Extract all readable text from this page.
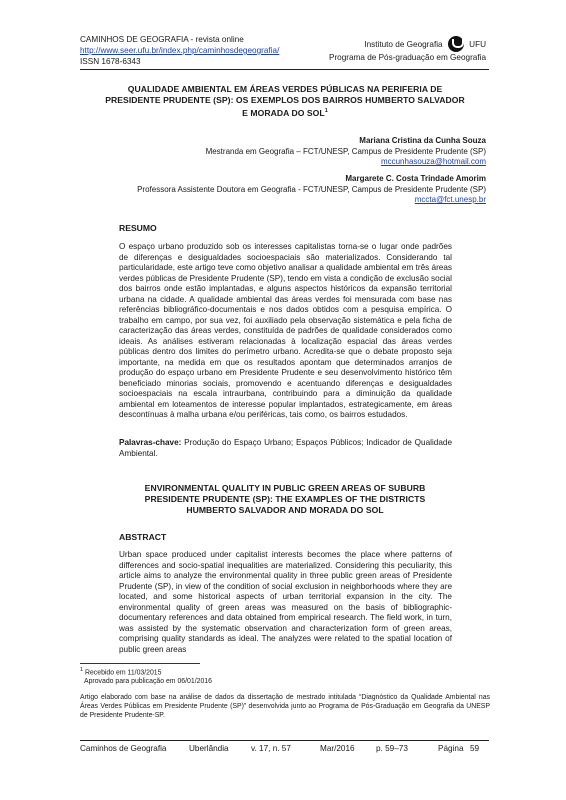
CAMINHOS DE GEOGRAFIA - revista online
http://www.seer.ufu.br/index.php/caminhosdegeografia/
ISSN 1678-6343
Instituto de Geografia	UFU
Programa de Pós-graduação em Geografia
QUALIDADE AMBIENTAL EM ÁREAS VERDES PÚBLICAS NA PERIFERIA DE
PRESIDENTE PRUDENTE (SP): OS EXEMPLOS DOS BAIRROS HUMBERTO SALVADOR
E MORADA DO SOL$^1$
Mariana Cristina da Cunha Souza
Mestranda em Geografia – FCT/UNESP, Campus de Presidente Prudente (SP)
mccunhasouza@hotmail.com
Margarete C. Costa Trindade Amorim
Professora Assistente Doutora em Geografia - FCT/UNESP, Campus de Presidente Prudente (SP)
mccta@fct.unesp.br
RESUMO
O espaço urbano produzido sob os interesses capitalistas torna-se o lugar onde padrões de diferenças e desigualdades socioespaciais são materializados. Considerando tal particularidade, este artigo teve como objetivo analisar a qualidade ambiental em três áreas verdes públicas de Presidente Prudente (SP), tendo em vista a condição de exclusão social dos bairros onde estão implantadas, e alguns aspectos históricos da expansão territorial urbana na cidade. A qualidade ambiental das áreas verdes foi mensurada com base nas referências bibliográfico-documentais e nos dados obtidos com a pesquisa empírica. O trabalho em campo, por sua vez, foi auxiliado pela observação sistemática e pela ficha de caracterização das áreas verdes, constituída de padrões de qualidade considerados como ideais. As análises estiveram relacionadas à localização espacial das áreas verdes públicas dentro dos limites do perímetro urbano. Acredita-se que o debate proposto seja importante, na medida em que os resultados apontam que determinados arranjos de produção do espaço urbano em Presidente Prudente e seu desenvolvimento histórico têm beneficiado minorias sociais, promovendo e acentuando diferenças e desigualdades socioespaciais na escala intraurbana, contribuindo para a diminuição da qualidade ambiental em loteamentos de interesse popular implantados, estrategicamente, em áreas descontínuas à malha urbana e/ou periféricas, tais como, os bairros estudados.
Palavras-chave: Produção do Espaço Urbano; Espaços Públicos; Indicador de Qualidade Ambiental.
ENVIRONMENTAL QUALITY IN PUBLIC GREEN AREAS OF SUBURB
PRESIDENTE PRUDENTE (SP): THE EXAMPLES OF THE DISTRICTS
HUMBERTO SALVADOR AND MORADA DO SOL
ABSTRACT
Urban space produced under capitalist interests becomes the place where patterns of differences and socio-spatial inequalities are materialized. Considering this peculiarity, this article aims to analyze the environmental quality in three public green areas of Presidente Prudente (SP), in view of the condition of social exclusion in neighborhoods where they are located, and some historical aspects of urban territorial expansion in the city. The environmental quality of green areas was measured on the basis of bibliographic-documentary references and data obtained from empirical research. The field work, in turn, was assisted by the systematic observation and characterization form of green areas, comprising quality standards as ideal. The analyzes were related to the spatial location of public green areas
$^1$ Recebido em 11/03/2015
Aprovado para publicação em 06/01/2016
Artigo elaborado com base na análise de dados da dissertação de mestrado intitulada “Diagnóstico da Qualidade Ambiental nas Áreas Verdes Públicas em Presidente Prudente (SP)” desenvolvida junto ao Programa de Pós-Graduação em Geografia da UNESP de Presidente Prudente-SP.
Caminhos de Geografia	Uberlândia	v. 17, n. 57	Mar/2016	p. 59–73	Página 59
